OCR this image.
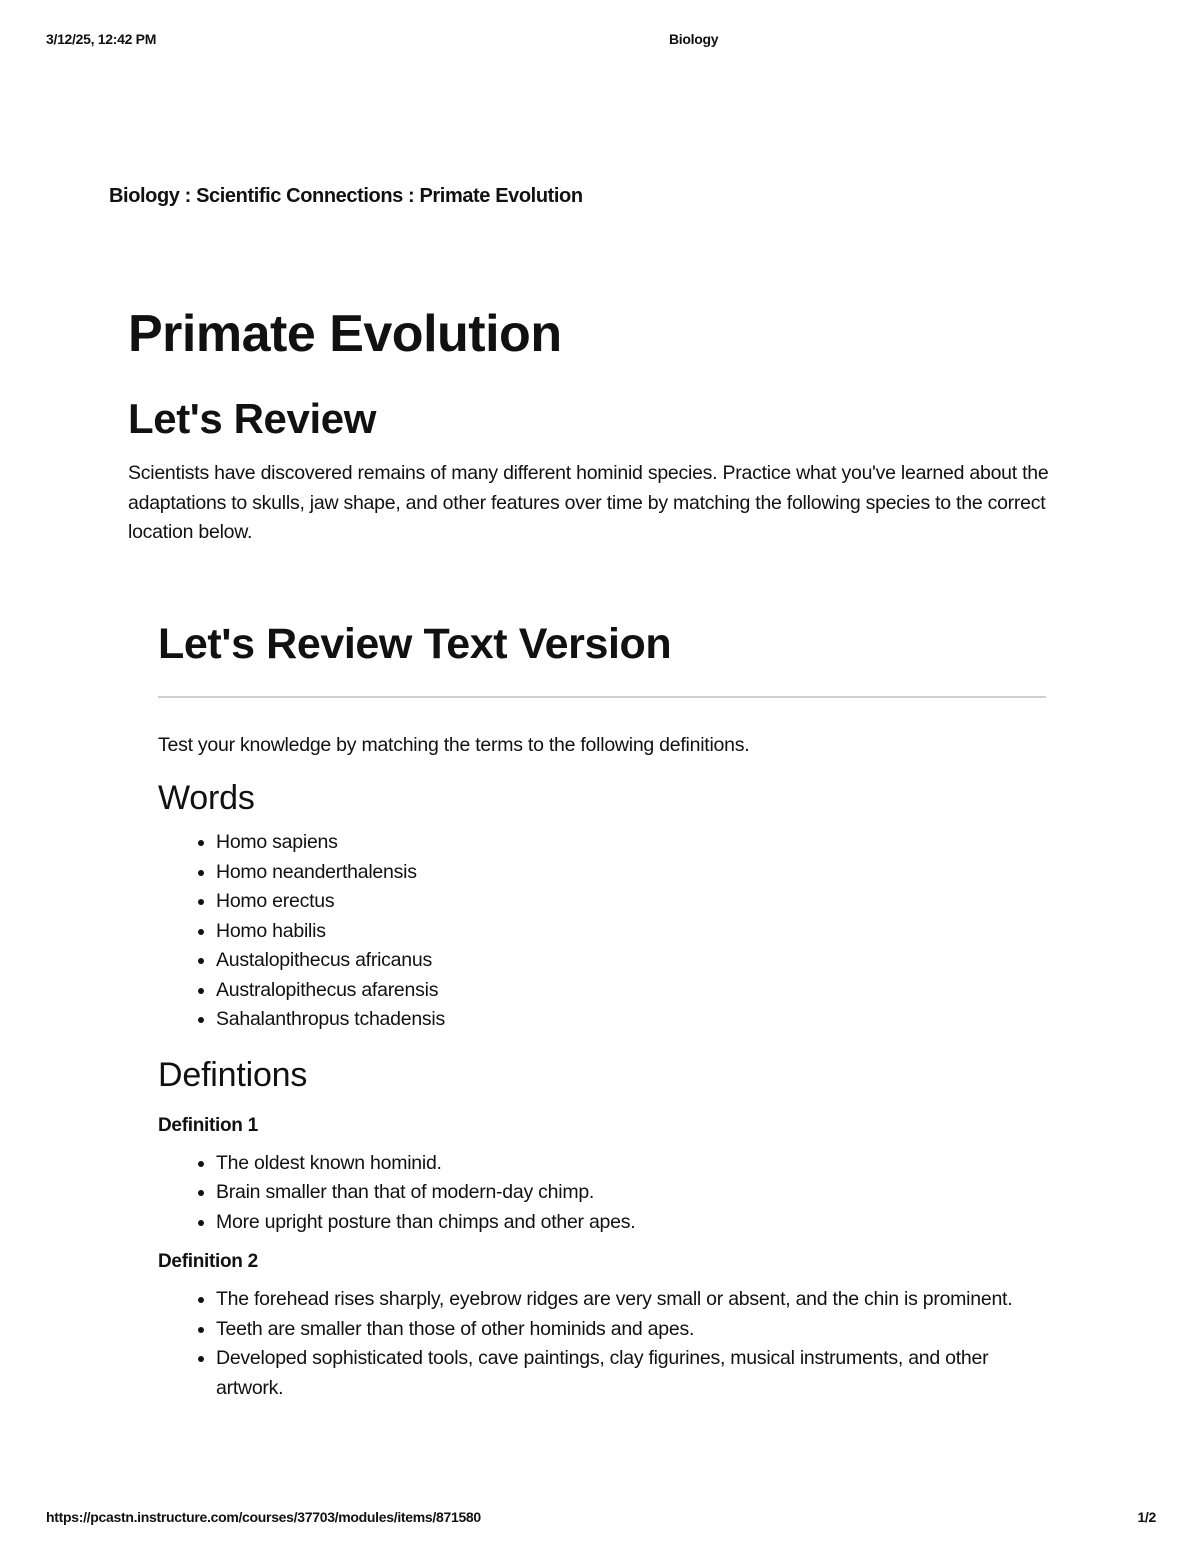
3/12/25, 12:42 PM	Biology

Biology : Scientific Connections : Primate Evolution

Primate Evolution
Let's Review

Scientists have discovered remains of many different hominid species. Practice what you've learned about the adaptations to skulls, jaw shape, and other features over time by matching the following species to the correct location below.

Let's Review Text Version

Test your knowledge by matching the terms to the following definitions.

Words
• Homo sapiens
• Homo neanderthalensis
• Homo erectus
• Homo habilis
• Austalopithecus africanus
• Australopithecus afarensis
• Sahalanthropus tchadensis
Defintions
Definition 1
• The oldest known hominid.
• Brain smaller than that of modern-day chimp.
• More upright posture than chimps and other apes.
Definition 2
• The forehead rises sharply, eyebrow ridges are very small or absent, and the chin is prominent.
• Teeth are smaller than those of other hominids and apes.
• Developed sophisticated tools, cave paintings, clay figurines, musical instruments, and other artwork.
https://pcastn.instructure.com/courses/37703/modules/items/871580	1/2
